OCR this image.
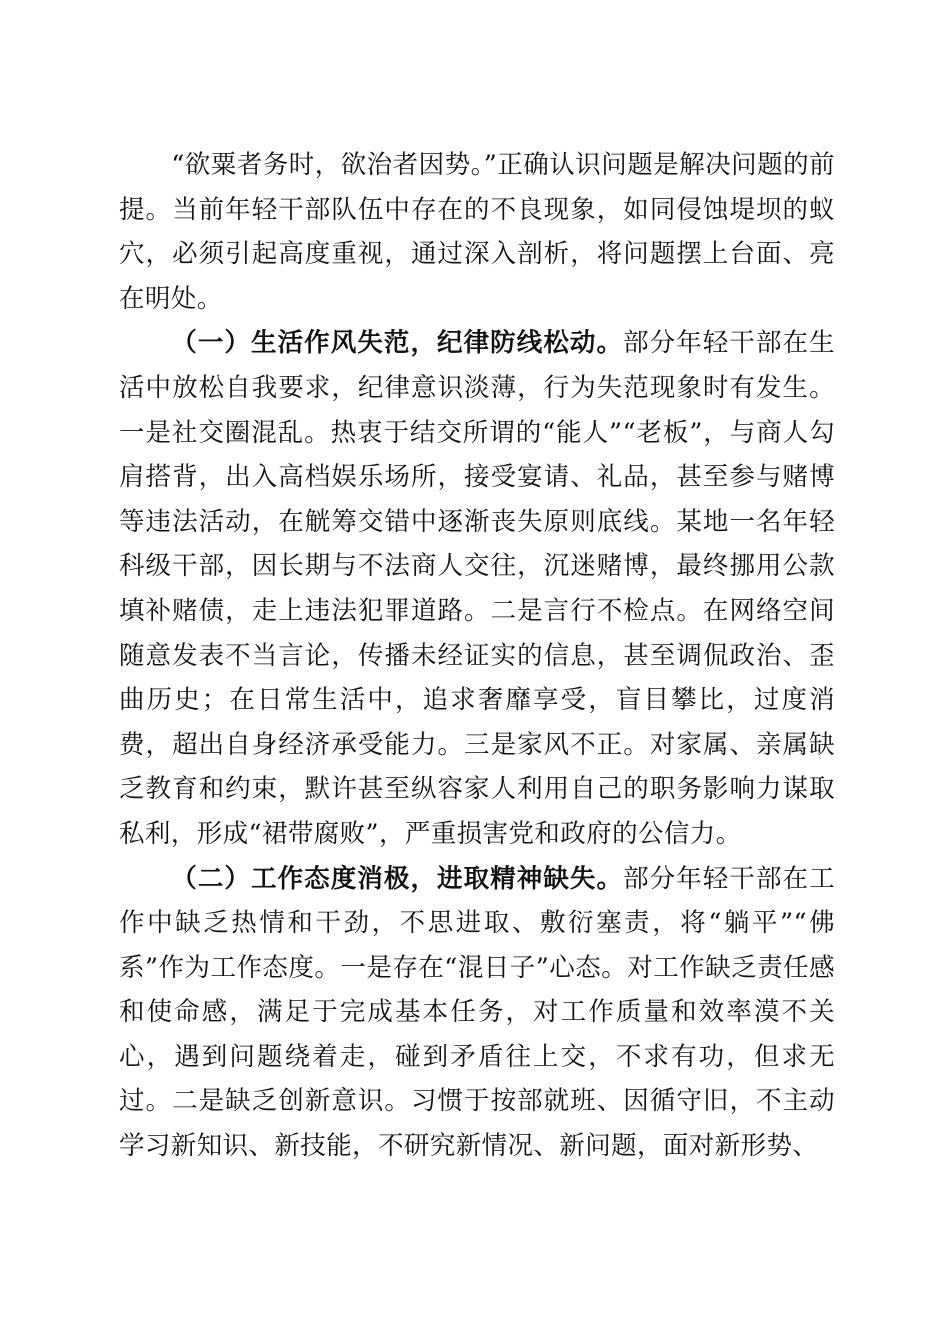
“欲粟者务时，欲治者因势。”正确认识问题是解决问题的前提。当前年轻干部队伍中存在的不良现象，如同侵蚀堤坝的蚁穴，必须引起高度重视，通过深入剖析，将问题摆上台面、亮在明处。

（一）生活作风失范，纪律防线松动。部分年轻干部在生活中放松自我要求，纪律意识淡薄，行为失范现象时有发生。一是社交圈混乱。热衷于结交所谓的“能人”“老板”，与商人勾肩搭背，出入高档娱乐场所，接受宴请、礼品，甚至参与赌博等违法活动，在觥筹交错中逐渐丧失原则底线。某地一名年轻科级干部，因长期与不法商人交往，沉迷赌博，最终挪用公款填补赌债，走上违法犯罪道路。二是言行不检点。在网络空间随意发表不当言论，传播未经证实的信息，甚至调侃政治、歪曲历史；在日常生活中，追求奢靡享受，盲目攀比，过度消费，超出自身经济承受能力。三是家风不正。对家属、亲属缺乏教育和约束，默许甚至纵容家人利用自己的职务影响力谋取私利，形成“裙带腐败”，严重损害党和政府的公信力。

（二）工作态度消极，进取精神缺失。部分年轻干部在工作中缺乏热情和干劲，不思进取、敷衍塞责，将“躺平”“佛系”作为工作态度。一是存在“混日子”心态。对工作缺乏责任感和使命感，满足于完成基本任务，对工作质量和效率漠不关心，遇到问题绕着走，碰到矛盾往上交，不求有功，但求无过。二是缺乏创新意识。习惯于按部就班、因循守旧，不主动学习新知识、新技能，不研究新情况、新问题，面对新形势、
